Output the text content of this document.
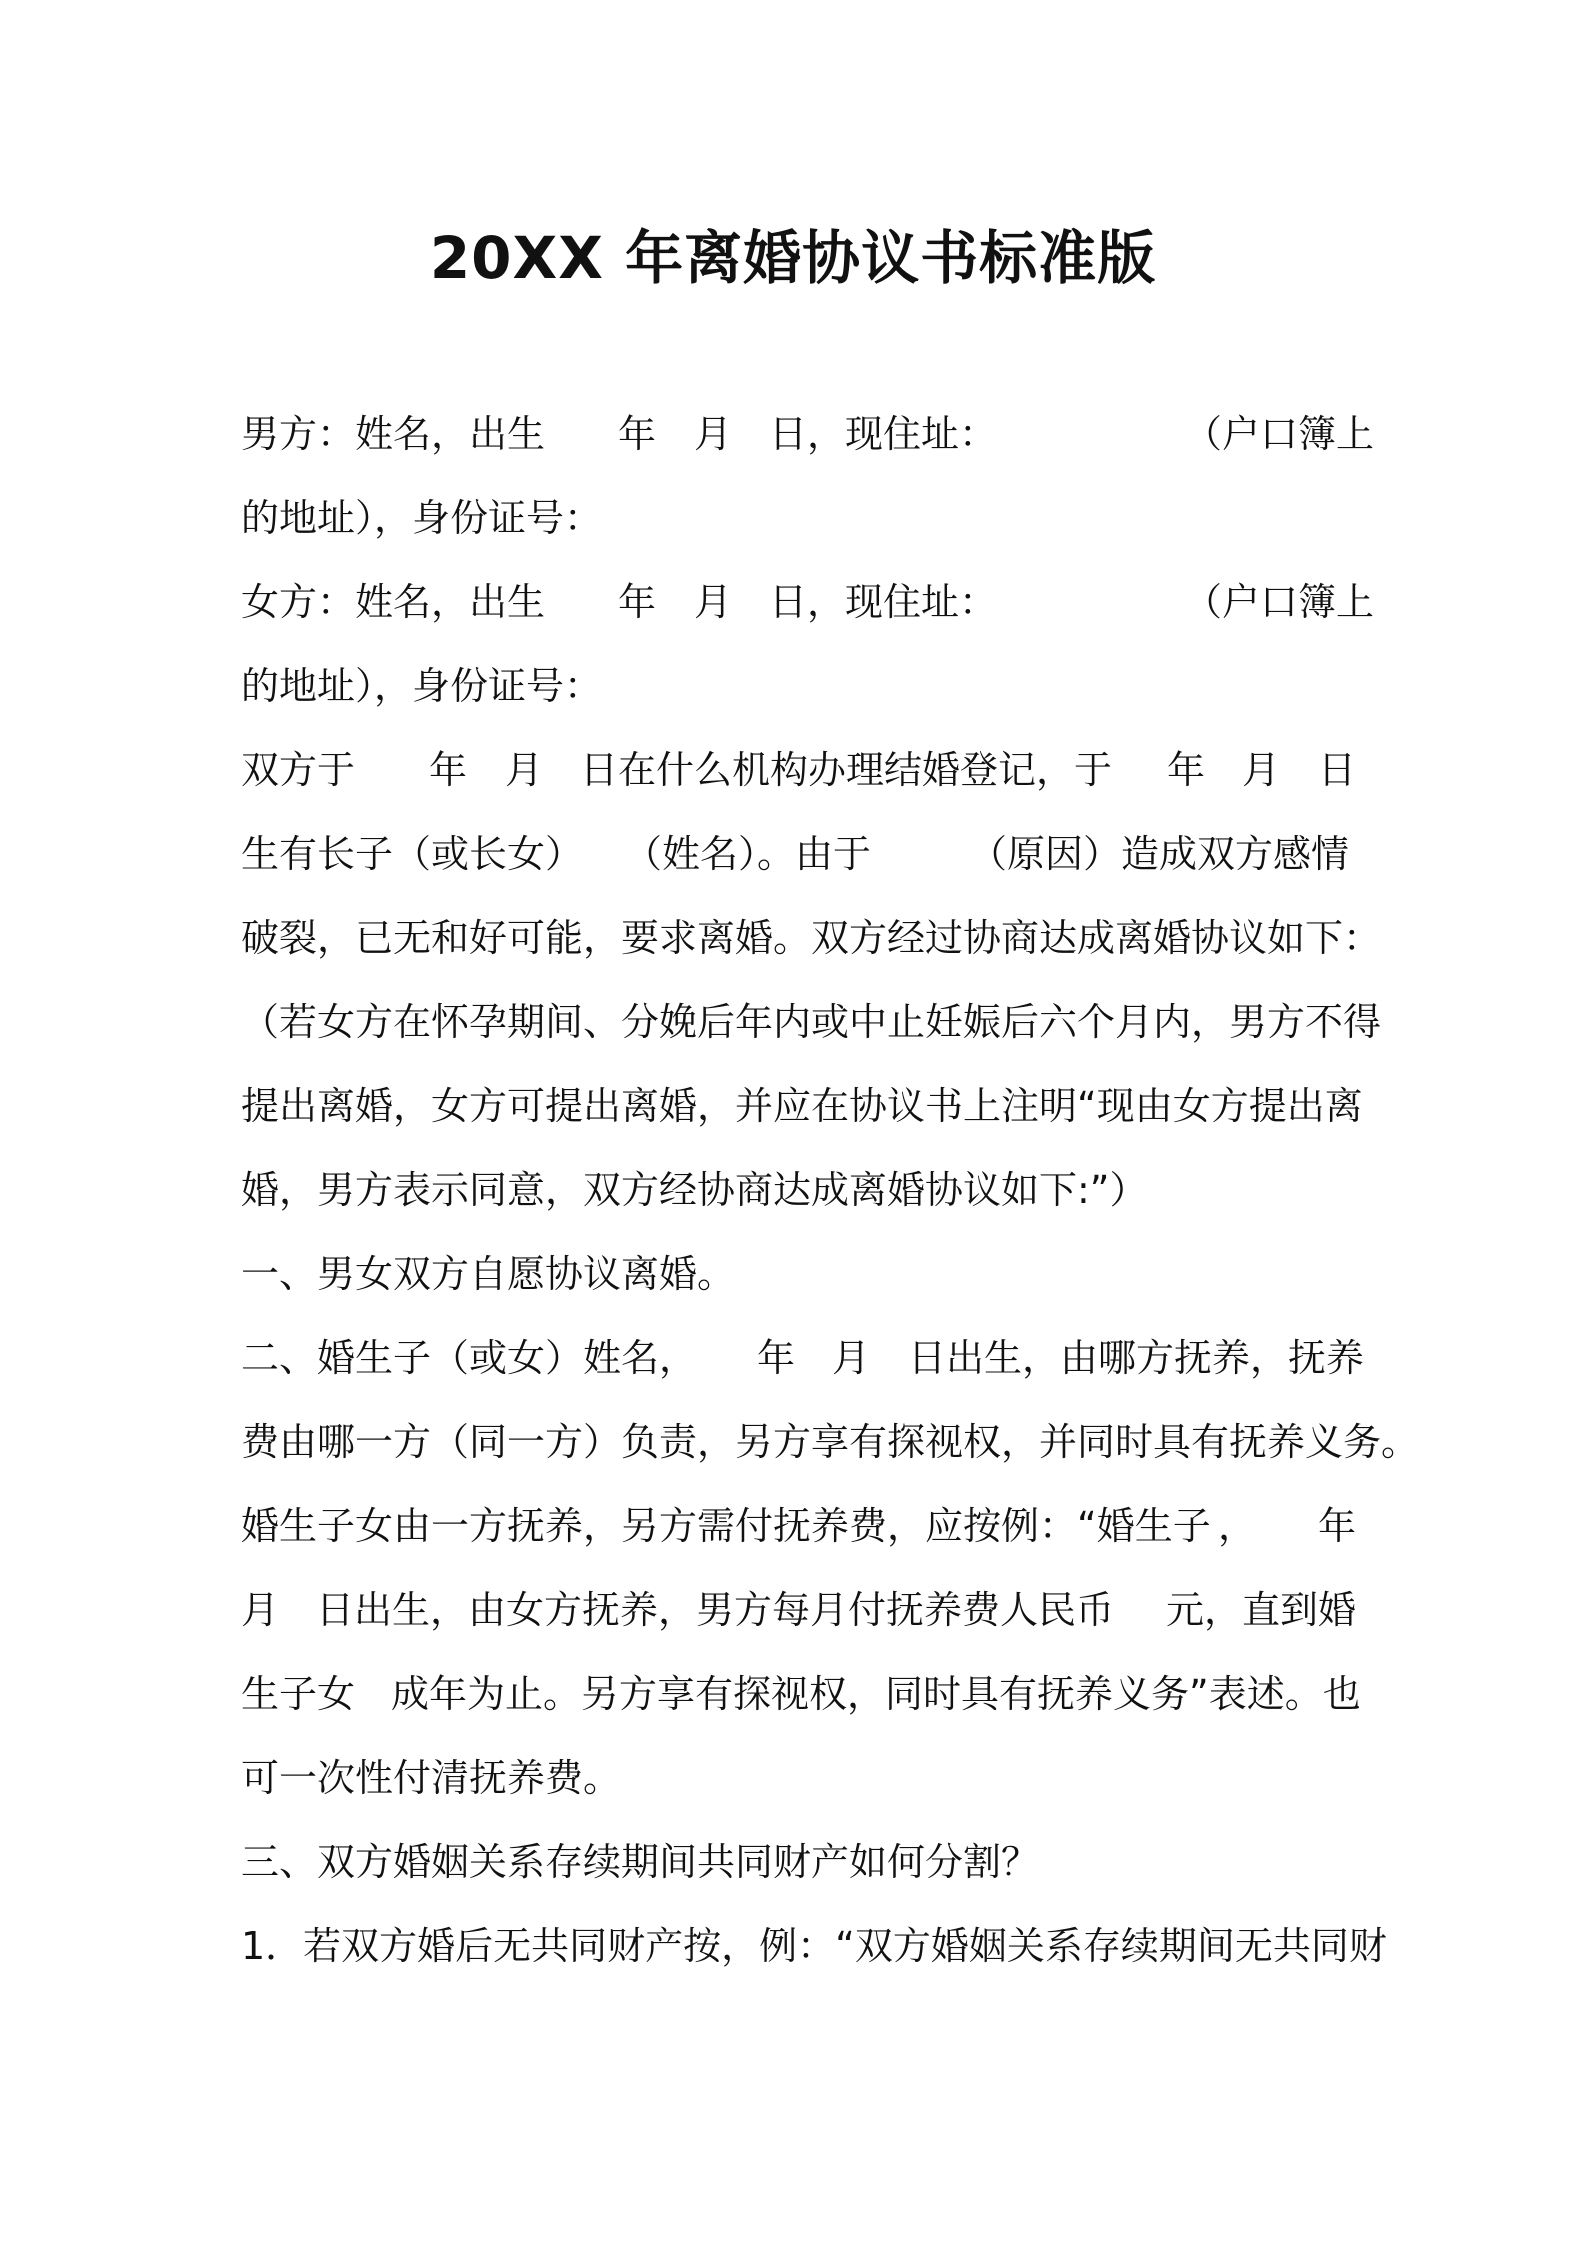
20XX 年离婚协议书标准版
男方：姓名，出生 年 月 日，现住址：	（户口簿上
的地址），身份证号：
女方：姓名，出生 年 月 日，现住址：	（户口簿上
的地址），身份证号：
双方于 年 月 日在什么机构办理结婚登记，于 年 月 日
生有长子（或长女） （姓名）。由于	（原因）造成双方感情
破裂，已无和好可能，要求离婚。双方经过协商达成离婚协议如下：
（若女方在怀孕期间、分娩后年内或中止妊娠后六个月内，男方不得
提出离婚，女方可提出离婚，并应在协议书上注明“现由女方提出离
婚，男方表示同意，双方经协商达成离婚协议如下:”）
一、男女双方自愿协议离婚。
二、婚生子（或女）姓名， 年 月 日出生，由哪方抚养，抚养
费由哪一方（同一方）负责，另方享有探视权，并同时具有抚养义务。
婚生子女由一方抚养，另方需付抚养费，应按例：“婚生子 ， 年
月 日出生，由女方抚养，男方每月付抚养费人民币 元，直到婚
生子女 成年为止。另方享有探视权，同时具有抚养义务”表述。也
可一次性付清抚养费。
三、双方婚姻关系存续期间共同财产如何分割？
1．若双方婚后无共同财产按，例：“双方婚姻关系存续期间无共同财
